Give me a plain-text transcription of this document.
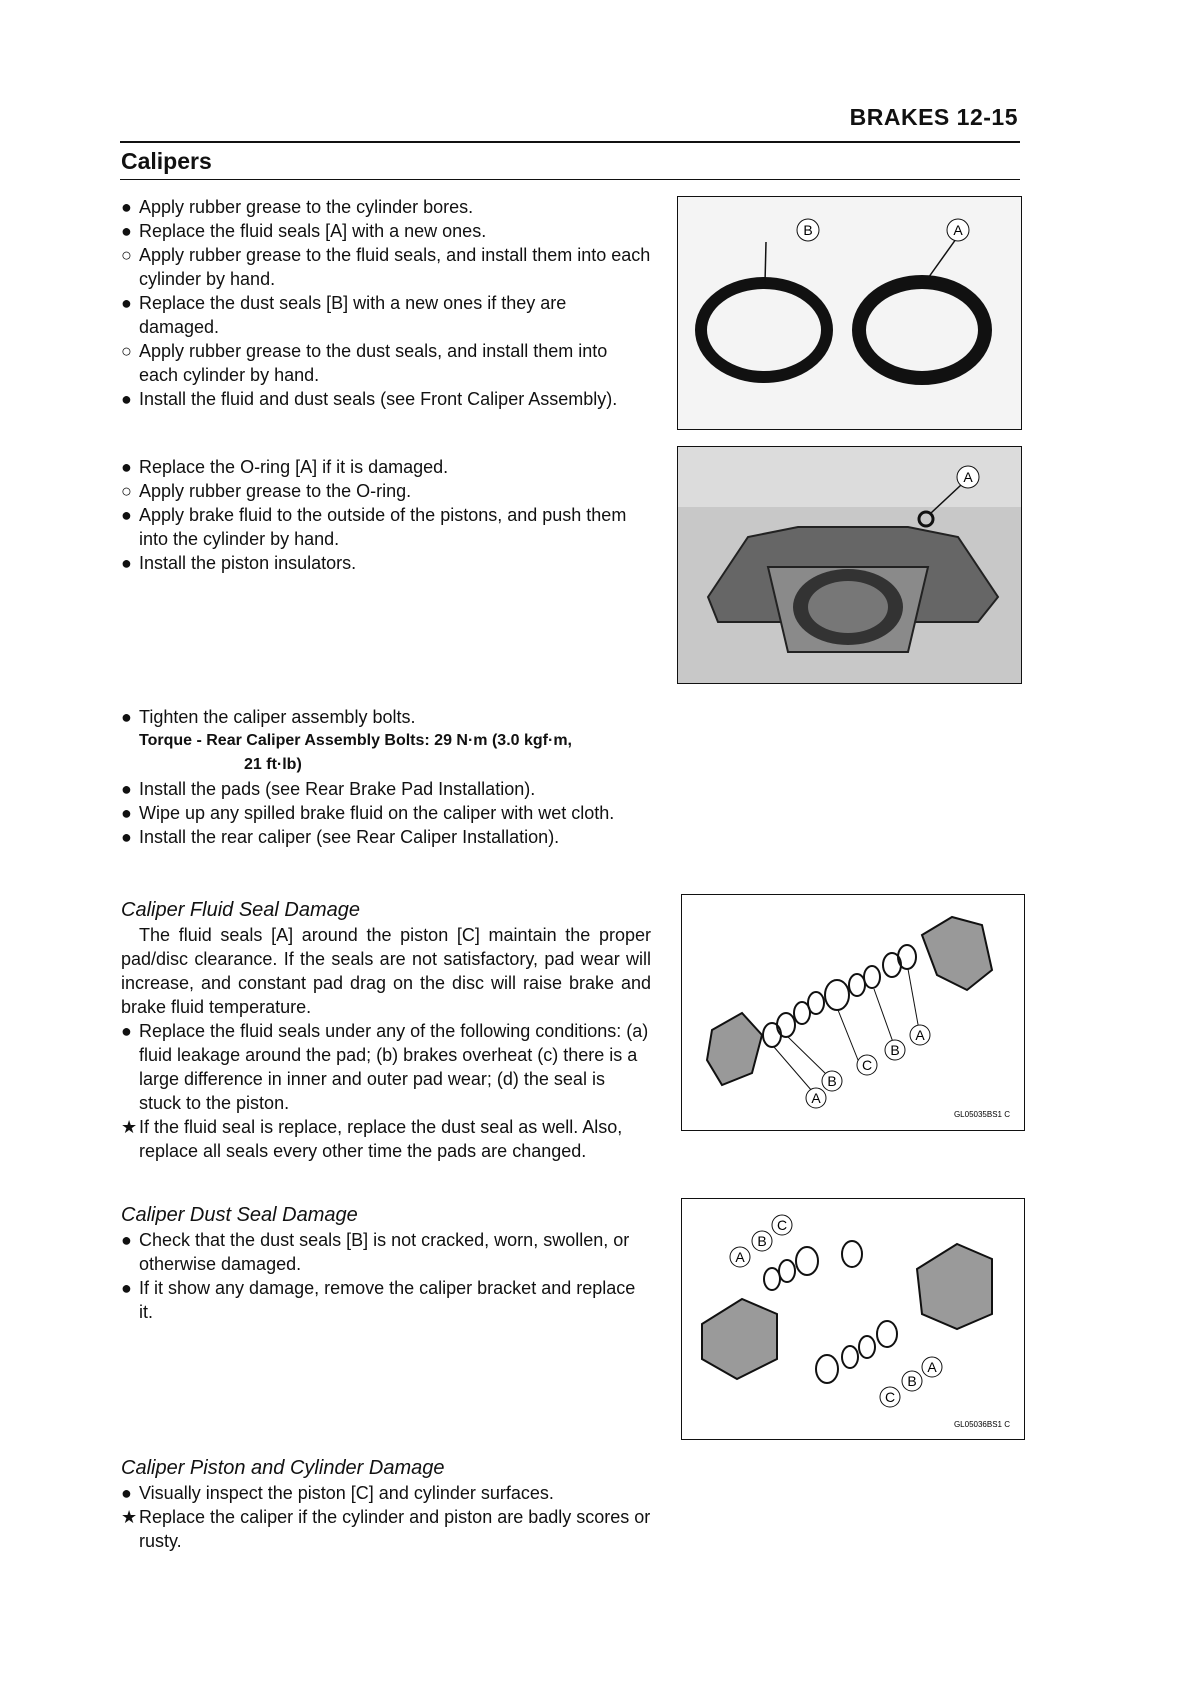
BRAKES 12-15
Calipers
● Apply rubber grease to the cylinder bores.
● Replace the fluid seals [A] with a new ones.
○ Apply rubber grease to the fluid seals, and install them into each cylinder by hand.
● Replace the dust seals [B] with a new ones if they are damaged.
○ Apply rubber grease to the dust seals, and install them into each cylinder by hand.
● Install the fluid and dust seals (see Front Caliper Assembly).
● Replace the O-ring [A] if it is damaged.
○ Apply rubber grease to the O-ring.
● Apply brake fluid to the outside of the pistons, and push them into the cylinder by hand.
● Install the piston insulators.
● Tighten the caliper assembly bolts.
Torque - Rear Caliper Assembly Bolts: 29 N·m (3.0 kgf·m,
21 ft·lb)
● Install the pads (see Rear Brake Pad Installation).
● Wipe up any spilled brake fluid on the caliper with wet cloth.
● Install the rear caliper (see Rear Caliper Installation).
Caliper Fluid Seal Damage
The fluid seals [A] around the piston [C] maintain the proper pad/disc clearance. If the seals are not satisfactory, pad wear will increase, and constant pad drag on the disc will raise brake and brake fluid temperature.
● Replace the fluid seals under any of the following conditions: (a) fluid leakage around the pad; (b) brakes overheat (c) there is a large difference in inner and outer pad wear; (d) the seal is stuck to the piston.
★ If the fluid seal is replace, replace the dust seal as well. Also, replace all seals every other time the pads are changed.
Caliper Dust Seal Damage
● Check that the dust seals [B] is not cracked, worn, swollen, or otherwise damaged.
● If it show any damage, remove the caliper bracket and replace it.
Caliper Piston and Cylinder Damage
● Visually inspect the piston [C] and cylinder surfaces.
★ Replace the caliper if the cylinder and piston are badly scores or rusty.
B	A
A
A
B
C
B
A
GL05035BS1 C
A
B
C
C
B
A
GL05036BS1 C
